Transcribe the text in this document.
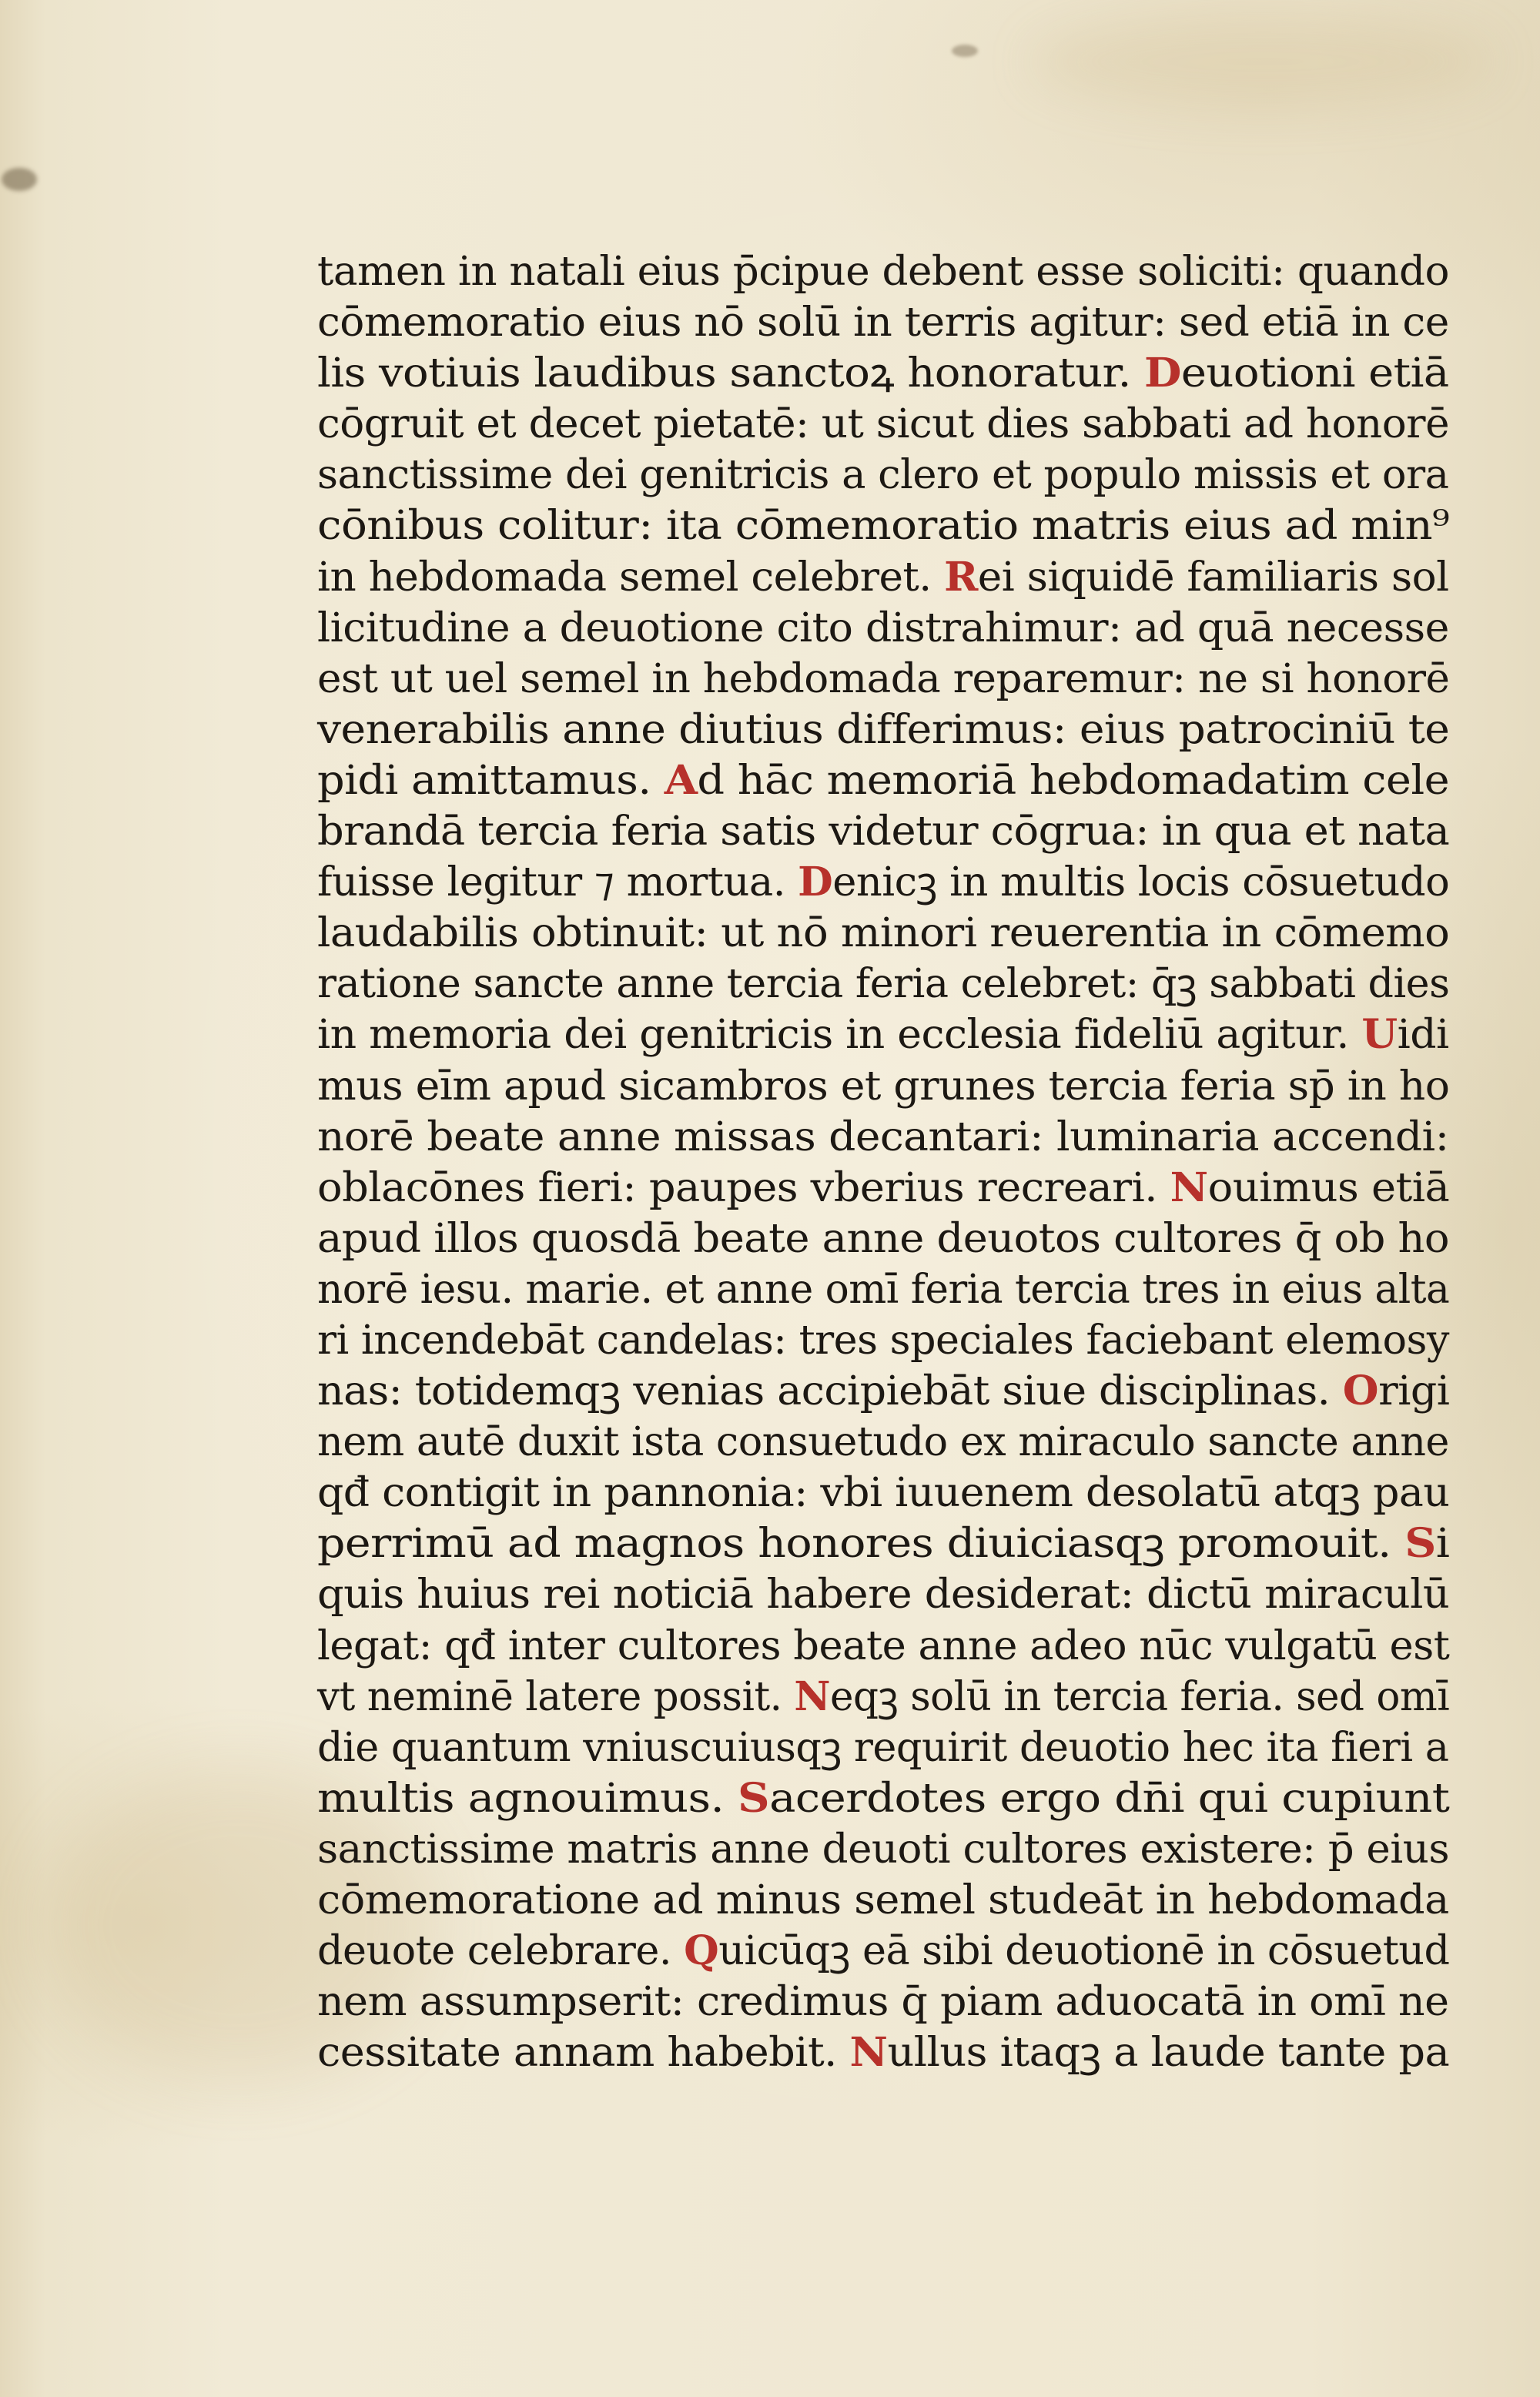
tamen in natali eius p̄cipue debent esse soliciti: quando
cōmemoratio eius nō solū in terris agitur: sed etiā in ce
lis votiuis laudibus sanctoꝝ honoratur. Deuotioni etiā
cōgruit et decet pietatē: ut sicut dies sabbati ad honorē
sanctissime dei genitricis a clero et populo missis et ora
cōnibus colitur: ita cōmemoratio matris eius ad min⁹
in hebdomada semel celebret. Rei siquidē familiaris sol
licitudine a deuotione cito distrahimur: ad quā necesse
est ut uel semel in hebdomada reparemur: ne si honorē
venerabilis anne diutius differimus: eius patrociniū te
pidi amittamus. Ad hāc memoriā hebdomadatim cele
brandā tercia feria satis videtur cōgrua: in qua et nata
fuisse legitur ⁊ mortua. Denicꝫ in multis locis cōsuetudo
laudabilis obtinuit: ut nō minori reuerentia in cōmemo
ratione sancte anne tercia feria celebret: q̄ꝫ sabbati dies
in memoria dei genitricis in ecclesia fideliū agitur. Uidi
mus eīm apud sicambros et grunes tercia feria sp̄ in ho
norē beate anne missas decantari: luminaria accendi:
oblacōnes fieri: paupes vberius recreari. Nouimus etiā
apud illos quosdā beate anne deuotos cultores q̄ ob ho
norē iesu. marie. et anne omī feria tercia tres in eius alta
ri incendebāt candelas: tres speciales faciebant elemosy
nas: totidemqꝫ venias accipiebāt siue disciplinas. Origi
nem autē duxit ista consuetudo ex miraculo sancte anne
qđ contigit in pannonia: vbi iuuenem desolatū atqꝫ pau
perrimū ad magnos honores diuiciasqꝫ promouit. Si
quis huius rei noticiā habere desiderat: dictū miraculū
legat: qđ inter cultores beate anne adeo nūc vulgatū est
vt neminē latere possit. Neqꝫ solū in tercia feria. sed omī
die quantum vniuscuiusqꝫ requirit deuotio hec ita fieri a
multis agnouimus. Sacerdotes ergo dn̄i qui cupiunt
sanctissime matris anne deuoti cultores existere: p̄ eius
cōmemoratione ad minus semel studeāt in hebdomada
deuote celebrare. Quicūqꝫ eā sibi deuotionē in cōsuetud
nem assumpserit: credimus q̄ piam aduocatā in omī ne
cessitate annam habebit. Nullus itaqꝫ a laude tante pa
